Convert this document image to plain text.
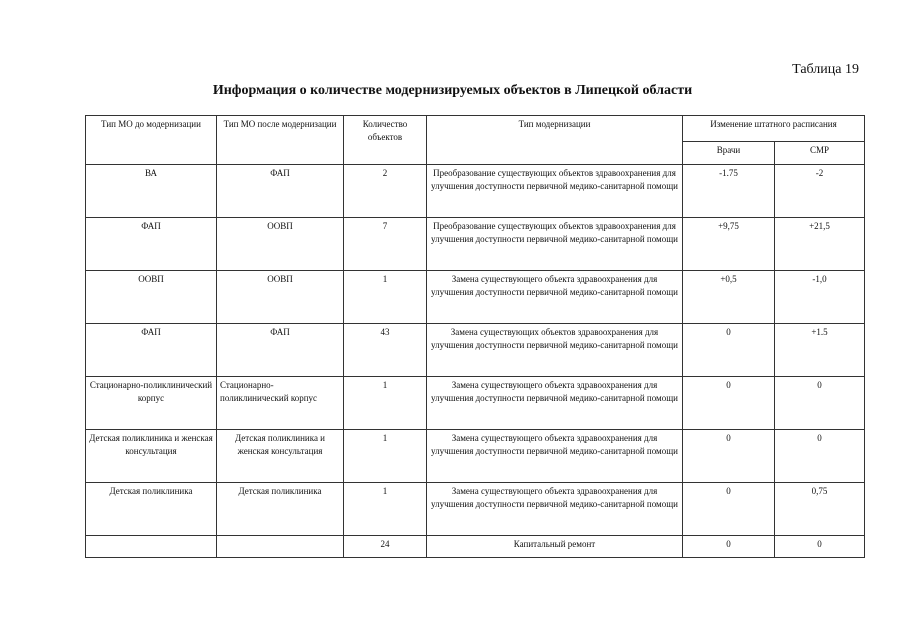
Таблица 19
Информация о количестве модернизируемых объектов в Липецкой области
Тип МО до модернизации	Тип МО после модернизации	Количество объектов	Тип модернизации	Изменение штатного расписания	
				Врачи	СМР
ВА	ФАП	2	Преобразование существующих объектов здравоохранения для улучшения доступности первичной медико-санитарной помощи	-1.75	-2
ФАП	ООВП	7	Преобразование существующих объектов здравоохранения для улучшения доступности первичной медико-санитарной помощи	+9,75	+21,5
ООВП	ООВП	1	Замена существующего объекта здравоохранения для улучшения доступности первичной медико-санитарной помощи	+0,5	-1,0
ФАП	ФАП	43	Замена существующих объектов здравоохранения для улучшения доступности первичной медико-санитарной помощи	0	+1.5
Стационарно-поликлинический корпус	Стационарно-поликлинический корпус	1	Замена существующего объекта здравоохранения для улучшения доступности первичной медико-санитарной помощи	0	0
Детская поликлиника и женская консультация	Детская поликлиника и женская консультация	1	Замена существующего объекта здравоохранения для улучшения доступности первичной медико-санитарной помощи	0	0
Детская поликлиника	Детская поликлиника	1	Замена существующего объекта здравоохранения для улучшения доступности первичной медико-санитарной помощи	0	0,75
		24	Капитальный ремонт	0	0
